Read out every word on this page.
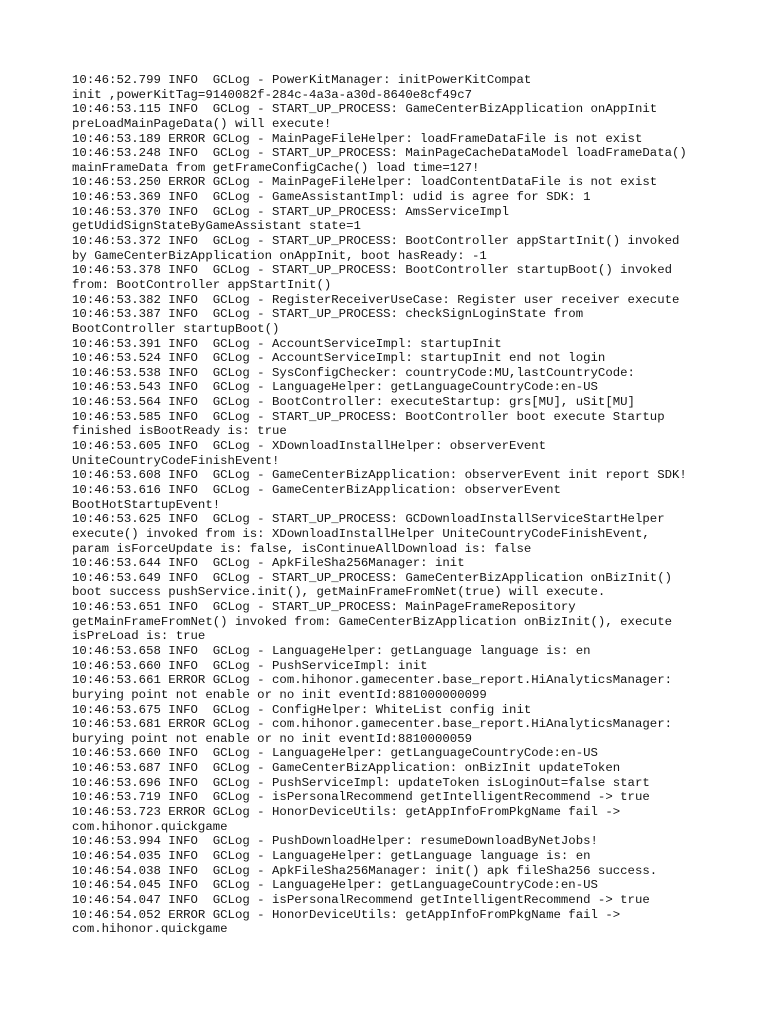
10:46:52.799 INFO  GCLog - PowerKitManager: initPowerKitCompat
init ,powerKitTag=9140082f-284c-4a3a-a30d-8640e8cf49c7
10:46:53.115 INFO  GCLog - START_UP_PROCESS: GameCenterBizApplication onAppInit
preLoadMainPageData() will execute!
10:46:53.189 ERROR GCLog - MainPageFileHelper: loadFrameDataFile is not exist
10:46:53.248 INFO  GCLog - START_UP_PROCESS: MainPageCacheDataModel loadFrameData()
mainFrameData from getFrameConfigCache() load time=127!
10:46:53.250 ERROR GCLog - MainPageFileHelper: loadContentDataFile is not exist
10:46:53.369 INFO  GCLog - GameAssistantImpl: udid is agree for SDK: 1
10:46:53.370 INFO  GCLog - START_UP_PROCESS: AmsServiceImpl
getUdidSignStateByGameAssistant state=1
10:46:53.372 INFO  GCLog - START_UP_PROCESS: BootController appStartInit() invoked
by GameCenterBizApplication onAppInit, boot hasReady: -1
10:46:53.378 INFO  GCLog - START_UP_PROCESS: BootController startupBoot() invoked
from: BootController appStartInit()
10:46:53.382 INFO  GCLog - RegisterReceiverUseCase: Register user receiver execute
10:46:53.387 INFO  GCLog - START_UP_PROCESS: checkSignLoginState from
BootController startupBoot()
10:46:53.391 INFO  GCLog - AccountServiceImpl: startupInit
10:46:53.524 INFO  GCLog - AccountServiceImpl: startupInit end not login
10:46:53.538 INFO  GCLog - SysConfigChecker: countryCode:MU,lastCountryCode:
10:46:53.543 INFO  GCLog - LanguageHelper: getLanguageCountryCode:en-US
10:46:53.564 INFO  GCLog - BootController: executeStartup: grs[MU], uSit[MU]
10:46:53.585 INFO  GCLog - START_UP_PROCESS: BootController boot execute Startup
finished isBootReady is: true
10:46:53.605 INFO  GCLog - XDownloadInstallHelper: observerEvent
UniteCountryCodeFinishEvent!
10:46:53.608 INFO  GCLog - GameCenterBizApplication: observerEvent init report SDK!
10:46:53.616 INFO  GCLog - GameCenterBizApplication: observerEvent
BootHotStartupEvent!
10:46:53.625 INFO  GCLog - START_UP_PROCESS: GCDownloadInstallServiceStartHelper
execute() invoked from is: XDownloadInstallHelper UniteCountryCodeFinishEvent,
param isForceUpdate is: false, isContinueAllDownload is: false
10:46:53.644 INFO  GCLog - ApkFileSha256Manager: init
10:46:53.649 INFO  GCLog - START_UP_PROCESS: GameCenterBizApplication onBizInit()
boot success pushService.init(), getMainFrameFromNet(true) will execute.
10:46:53.651 INFO  GCLog - START_UP_PROCESS: MainPageFrameRepository
getMainFrameFromNet() invoked from: GameCenterBizApplication onBizInit(), execute
isPreLoad is: true
10:46:53.658 INFO  GCLog - LanguageHelper: getLanguage language is: en
10:46:53.660 INFO  GCLog - PushServiceImpl: init
10:46:53.661 ERROR GCLog - com.hihonor.gamecenter.base_report.HiAnalyticsManager:
burying point not enable or no init eventId:881000000099
10:46:53.675 INFO  GCLog - ConfigHelper: WhiteList config init
10:46:53.681 ERROR GCLog - com.hihonor.gamecenter.base_report.HiAnalyticsManager:
burying point not enable or no init eventId:8810000059
10:46:53.660 INFO  GCLog - LanguageHelper: getLanguageCountryCode:en-US
10:46:53.687 INFO  GCLog - GameCenterBizApplication: onBizInit updateToken
10:46:53.696 INFO  GCLog - PushServiceImpl: updateToken isLoginOut=false start
10:46:53.719 INFO  GCLog - isPersonalRecommend getIntelligentRecommend -> true
10:46:53.723 ERROR GCLog - HonorDeviceUtils: getAppInfoFromPkgName fail ->
com.hihonor.quickgame
10:46:53.994 INFO  GCLog - PushDownloadHelper: resumeDownloadByNetJobs!
10:46:54.035 INFO  GCLog - LanguageHelper: getLanguage language is: en
10:46:54.038 INFO  GCLog - ApkFileSha256Manager: init() apk fileSha256 success.
10:46:54.045 INFO  GCLog - LanguageHelper: getLanguageCountryCode:en-US
10:46:54.047 INFO  GCLog - isPersonalRecommend getIntelligentRecommend -> true
10:46:54.052 ERROR GCLog - HonorDeviceUtils: getAppInfoFromPkgName fail ->
com.hihonor.quickgame
